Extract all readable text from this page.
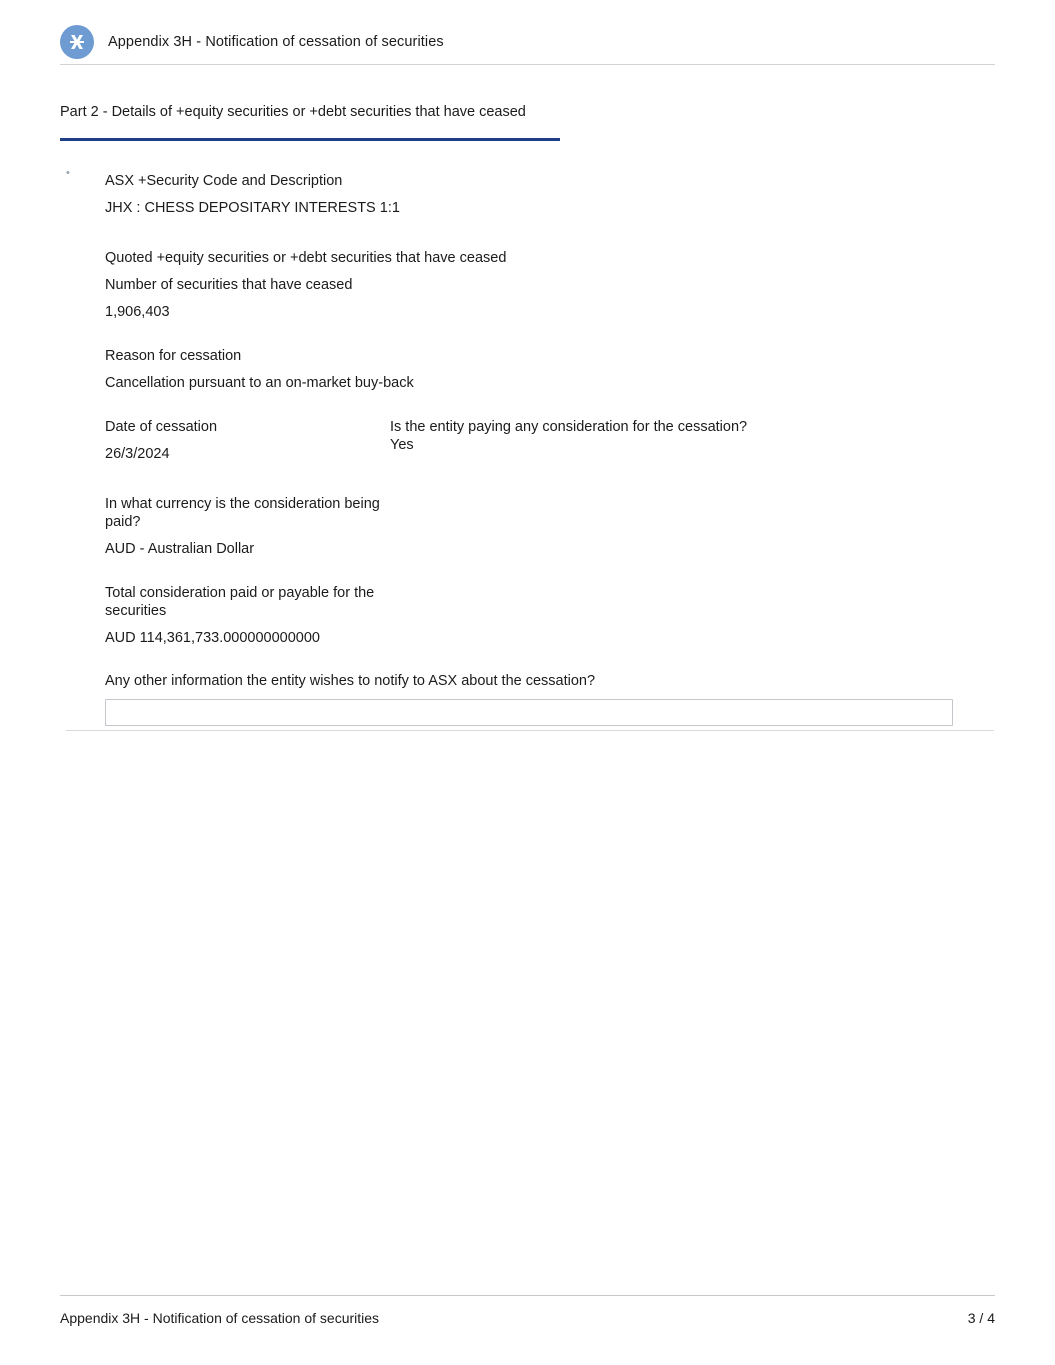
Appendix 3H - Notification of cessation of securities
Part 2 - Details of +equity securities or +debt securities that have ceased
•	ASX +Security Code and Description
JHX : CHESS DEPOSITARY INTERESTS 1:1
Quoted +equity securities or +debt securities that have ceased
Number of securities that have ceased
1,906,403
Reason for cessation
Cancellation pursuant to an on-market buy-back
Date of cessation
26/3/2024
Is the entity paying any consideration for the cessation?
Yes
In what currency is the consideration being paid?
AUD - Australian Dollar
Total consideration paid or payable for the securities
AUD 114,361,733.000000000000
Any other information the entity wishes to notify to ASX about the cessation?
Appendix 3H - Notification of cessation of securities	3 / 4
